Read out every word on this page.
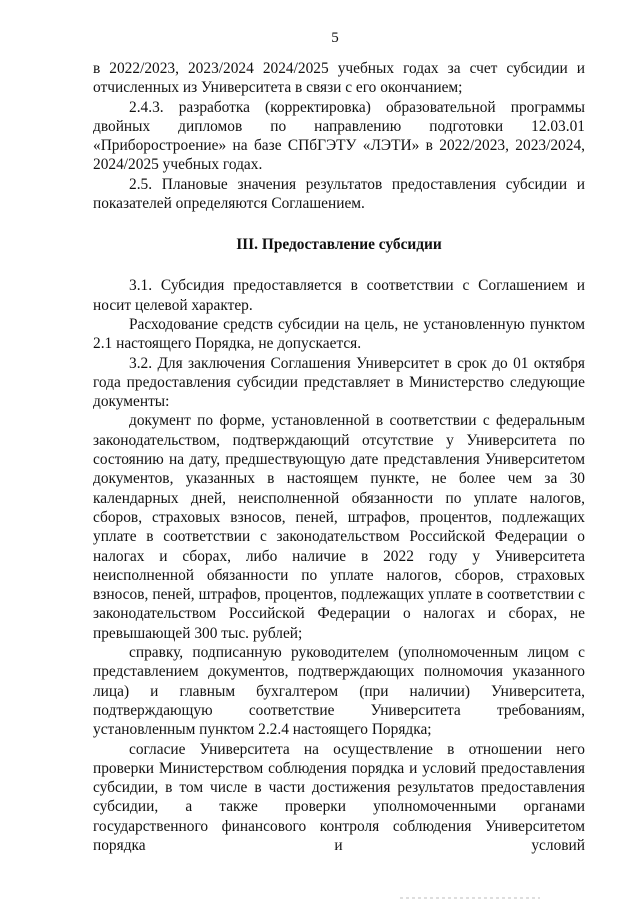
5

в 2022/2023, 2023/2024 2024/2025 учебных годах за счет субсидии и отчисленных из Университета в связи с его окончанием;

2.4.3. разработка (корректировка) образовательной программы двойных дипломов по направлению подготовки 12.03.01 «Приборостроение» на базе СПбГЭТУ «ЛЭТИ» в 2022/2023, 2023/2024, 2024/2025 учебных годах.

2.5. Плановые значения результатов предоставления субсидии и показателей определяются Соглашением.

III. Предоставление субсидии

3.1. Субсидия предоставляется в соответствии с Соглашением и носит целевой характер.

Расходование средств субсидии на цель, не установленную пунктом 2.1 настоящего Порядка, не допускается.

3.2. Для заключения Соглашения Университет в срок до 01 октября года предоставления субсидии представляет в Министерство следующие документы:

документ по форме, установленной в соответствии с федеральным законодательством, подтверждающий отсутствие у Университета по состоянию на дату, предшествующую дате представления Университетом документов, указанных в настоящем пункте, не более чем за 30 календарных дней, неисполненной обязанности по уплате налогов, сборов, страховых взносов, пеней, штрафов, процентов, подлежащих уплате в соответствии с законодательством Российской Федерации о налогах и сборах, либо наличие в 2022 году у Университета неисполненной обязанности по уплате налогов, сборов, страховых взносов, пеней, штрафов, процентов, подлежащих уплате в соответствии с законодательством Российской Федерации о налогах и сборах, не превышающей 300 тыс. рублей;

справку, подписанную руководителем (уполномоченным лицом с представлением документов, подтверждающих полномочия указанного лица) и главным бухгалтером (при наличии) Университета, подтверждающую соответствие Университета требованиям, установленным пунктом 2.2.4 настоящего Порядка;

согласие Университета на осуществление в отношении него проверки Министерством соблюдения порядка и условий предоставления субсидии, в том числе в части достижения результатов предоставления субсидии, а также проверки уполномоченными органами государственного финансового контроля соблюдения Университетом порядка и условий
